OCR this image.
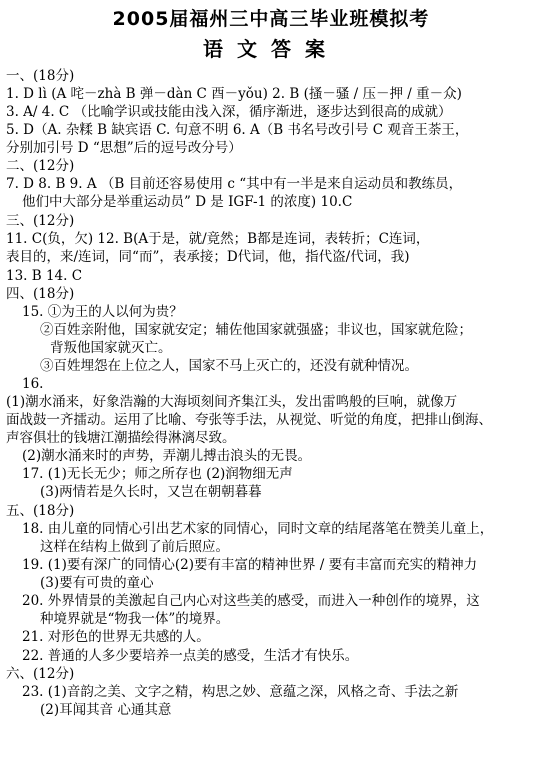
2005届福州三中高三毕业班模拟考
语文答案
一、(18分)
1. D lì (A 咤－zhà B 弹－dàn C 酉－yǒu) 2. B (搔－骚 / 压－押 / 重－众)
3. A/ 4. C （比喻学识或技能由浅入深，循序渐进，逐步达到很高的成就）
5. D（A. 杂糅 B 缺宾语 C. 句意不明 6. A（B 书名号改引号 C 观音王荼王，
分别加引号 D “思想”后的逗号改分号）
二、(12分)
7. D 8. B 9. A （B 目前还容易使用 c “其中有一半是来自运动员和教练员，
他们中大部分是举重运动员” D 是 IGF-1 的浓度) 10.C
三、(12分)
11. C(负，欠) 12. B(A于是，就/竟然；B都是连词，表转折；C连词，
表目的，来/连词，同“而”，表承接；D代词，他，指代盗/代词，我)
13. B 14. C
四、(18分)
15. ①为王的人以何为贵？
②百姓亲附他，国家就安定；辅佐他国家就强盛；非议也，国家就危险；
背叛他国家就灭亡。
③百姓埋怨在上位之人，国家不马上灭亡的，还没有就种情况。
16.
(1)潮水涌来，好象浩瀚的大海顷刻间齐集江头，发出雷鸣般的巨响，就像万
面战鼓一齐擂动。运用了比喻、夸张等手法，从视觉、听觉的角度，把排山倒海、
声容俱壮的钱塘江潮描绘得淋漓尽致。
(2)潮水涌来时的声势，弄潮儿搏击浪头的无畏。
17. (1)无长无少；师之所存也 (2)润物细无声
(3)两情若是久长时，又岂在朝朝暮暮
五、(18分)
18. 由儿童的同情心引出艺术家的同情心，同时文章的结尾落笔在赞美儿童上，
这样在结构上做到了前后照应。
19. (1)要有深广的同情心(2)要有丰富的精神世界 / 要有丰富而充实的精神力
(3)要有可贵的童心
20. 外界情景的美激起自己内心对这些美的感受，而进入一种创作的境界，这
种境界就是“物我一体”的境界。
21. 对形色的世界无共感的人。
22. 普通的人多少要培养一点美的感受，生活才有快乐。
六、(12分)
23. (1)音韵之美、文字之精，构思之妙、意蕴之深，风格之奇、手法之新
(2)耳闻其音 心通其意
